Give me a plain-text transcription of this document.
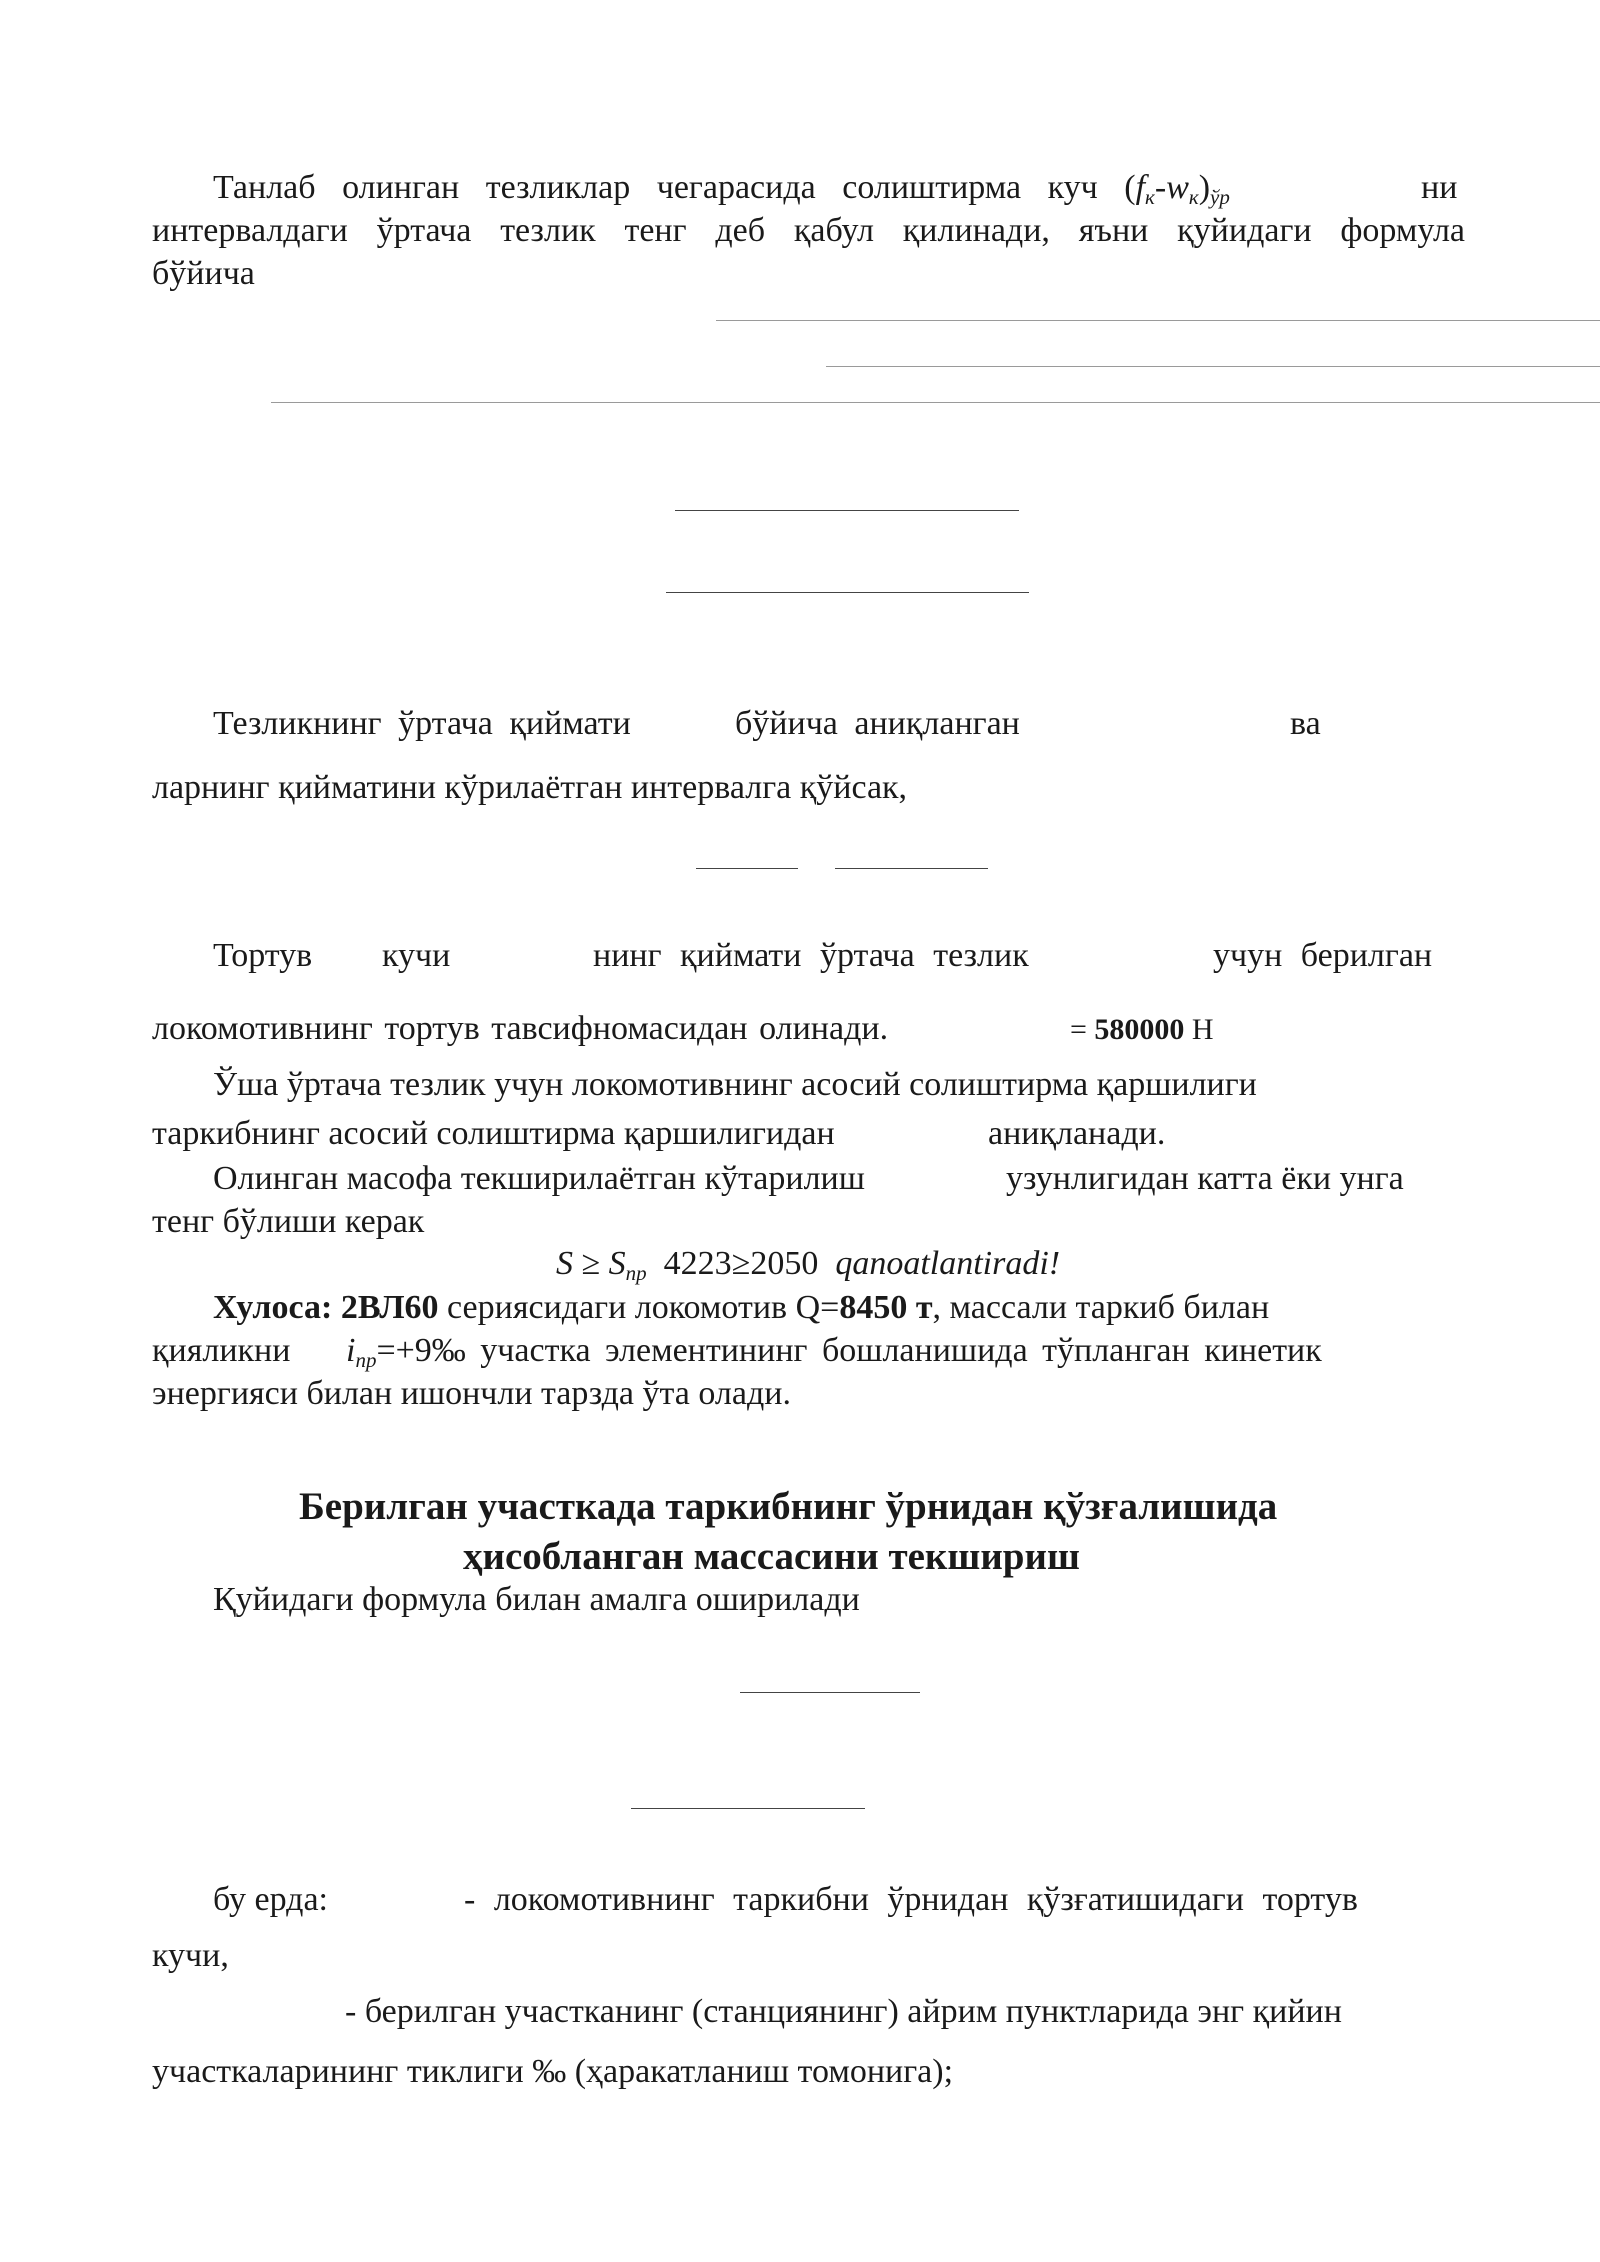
Танлаб олинган тезликлар чегарасида солиштирма куч $(f_к-w_к)_{ўр}$	ни
интервалдаги ўртача тезлик тенг деб қабул қилинади, яъни қуйидаги формула
бўйича
Тезликнинг ўртача қиймати	бўйича аниқланган	ва
ларнинг қийматини кўрилаётган интервалга қўйсак,
Тортув кучи	нинг қиймати ўртача тезлик	учун берилган
локомотивнинг тортув тавсифномасидан олинади.	= 580000 Н
Ўша ўртача тезлик учун локомотивнинг асосий солиштирма қаршилиги
таркибнинг асосий солиштирма қаршилигидан	аниқланади.
Олинган масофа текширилаётган кўтарилиш	узунлигидан катта ёки унга
тенг бўлиши керак
$S \ge S_{пр}$  4223≥2050  qanoatlantiradi!
Хулоса: 2ВЛ60 сериясидаги локомотив Q=8450 т, массали таркиб билан
қияликни $i_{пр}=+9‰$ участка элементининг бошланишида тўпланган кинетик
энергияси билан ишончли тарзда ўта олади.
Берилган участкада таркибнинг ўрнидан қўзғалишида
ҳисобланган массасини текшириш
Қуйидаги формула билан амалга оширилади
бу ерда:	- локомотивнинг таркибни ўрнидан қўзғатишидаги тортув
кучи,
- берилган участканинг (станциянинг) айрим пунктларида энг қийин
участкаларининг тиклиги ‰ (ҳаракатланиш томонига);
